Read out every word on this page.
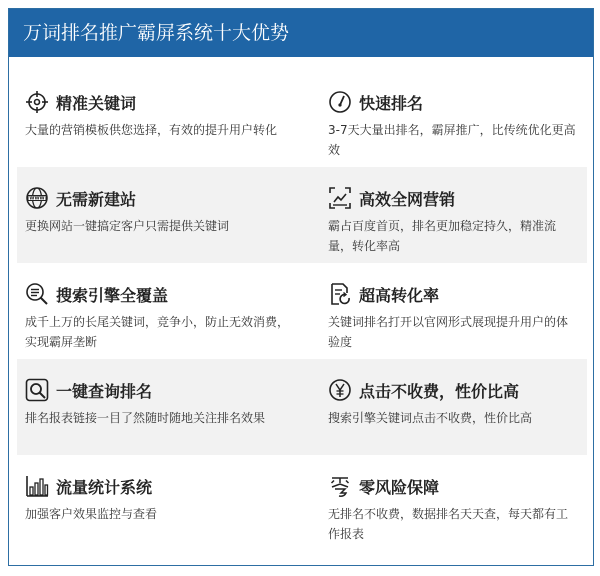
万词排名推广霸屏系统十大优势
精准关键词
大量的营销模板供您选择，有效的提升用户转化
快速排名
3-7天大量出排名，霸屏推广，比传统优化更高效
WWW 无需新建站
更换网站一键搞定客户只需提供关键词
高效全网营销
霸占百度首页，排名更加稳定持久，精准流量，转化率高
搜索引擎全覆盖
成千上万的长尾关键词，竞争小，防止无效消费，实现霸屏垄断
超高转化率
关键词排名打开以官网形式展现提升用户的体验度
一键查询排名
排名报表链接一目了然随时随地关注排名效果
点击不收费，性价比高
搜索引擎关键词点击不收费，性价比高
流量统计系统
加强客户效果监控与查看
零风险保障
无排名不收费，数据排名天天查，每天都有工作报表
